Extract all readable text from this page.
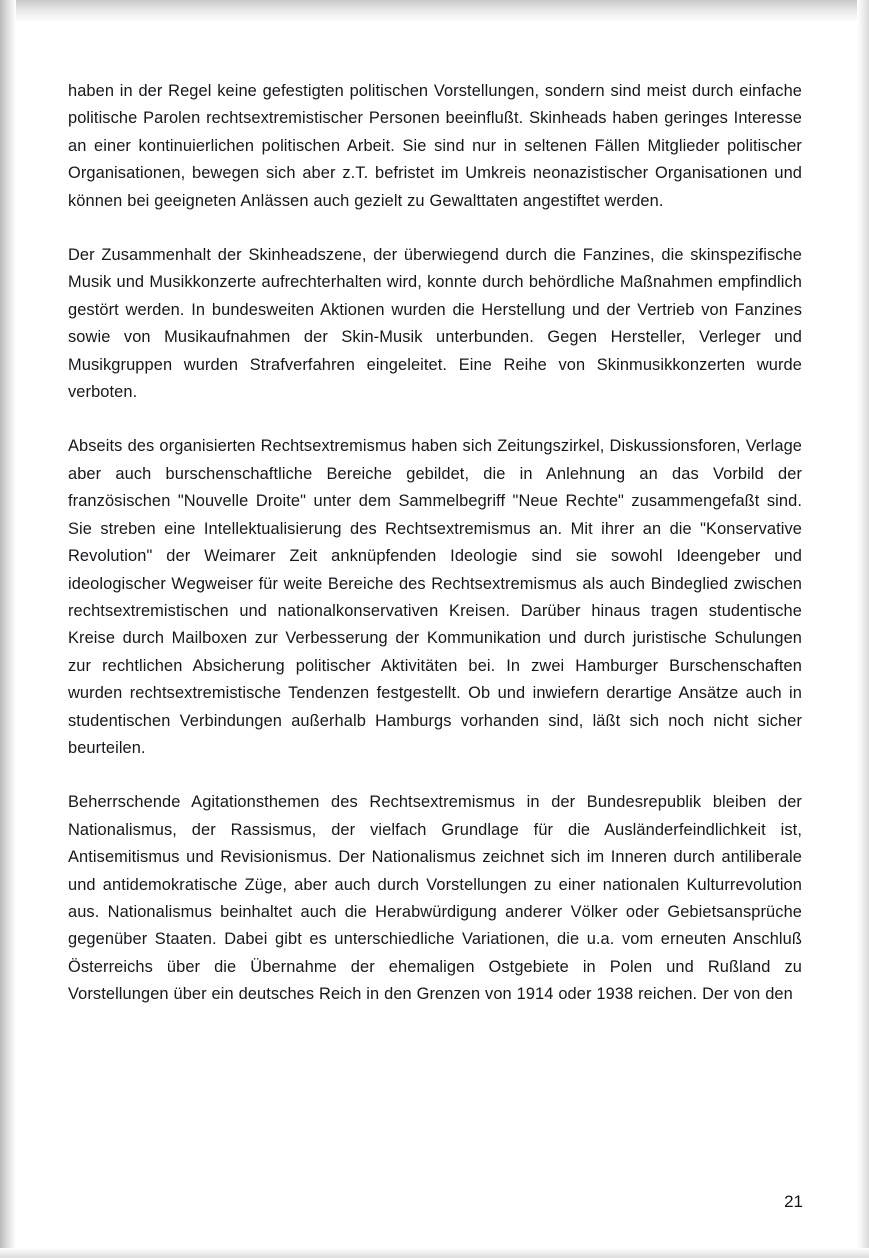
haben in der Regel keine gefestigten politischen Vorstellungen, sondern sind meist durch einfache politische Parolen rechtsextremistischer Personen beeinflußt. Skinheads haben geringes Interesse an einer kontinuierlichen politischen Arbeit. Sie sind nur in seltenen Fällen Mitglieder politischer Organisationen, bewegen sich aber z.T. befristet im Umkreis neonazistischer Organisationen und können bei geeigneten Anlässen auch gezielt zu Gewalttaten angestiftet werden.

Der Zusammenhalt der Skinheadszene, der überwiegend durch die Fanzines, die skinspezifische Musik und Musikkonzerte aufrechterhalten wird, konnte durch behördliche Maßnahmen empfindlich gestört werden. In bundesweiten Aktionen wurden die Herstellung und der Vertrieb von Fanzines sowie von Musikaufnahmen der Skin-Musik unterbunden. Gegen Hersteller, Verleger und Musikgruppen wurden Strafverfahren eingeleitet. Eine Reihe von Skinmusikkonzerten wurde verboten.

Abseits des organisierten Rechtsextremismus haben sich Zeitungszirkel, Diskussionsforen, Verlage aber auch burschenschaftliche Bereiche gebildet, die in Anlehnung an das Vorbild der französischen "Nouvelle Droite" unter dem Sammelbegriff "Neue Rechte" zusammengefaßt sind. Sie streben eine Intellektualisierung des Rechtsextremismus an. Mit ihrer an die "Konservative Revolution" der Weimarer Zeit anknüpfenden Ideologie sind sie sowohl Ideengeber und ideologischer Wegweiser für weite Bereiche des Rechtsextremismus als auch Bindeglied zwischen rechtsextremistischen und nationalkonservativen Kreisen. Darüber hinaus tragen studentische Kreise durch Mailboxen zur Verbesserung der Kommunikation und durch juristische Schulungen zur rechtlichen Absicherung politischer Aktivitäten bei. In zwei Hamburger Burschenschaften wurden rechtsextremistische Tendenzen festgestellt. Ob und inwiefern derartige Ansätze auch in studentischen Verbindungen außerhalb Hamburgs vorhanden sind, läßt sich noch nicht sicher beurteilen.

Beherrschende Agitationsthemen des Rechtsextremismus in der Bundesrepublik bleiben der Nationalismus, der Rassismus, der vielfach Grundlage für die Ausländerfeindlichkeit ist, Antisemitismus und Revisionismus. Der Nationalismus zeichnet sich im Inneren durch antiliberale und antidemokratische Züge, aber auch durch Vorstellungen zu einer nationalen Kulturrevolution aus. Nationalismus beinhaltet auch die Herabwürdigung anderer Völker oder Gebietsansprüche gegenüber Staaten. Dabei gibt es unterschiedliche Variationen, die u.a. vom erneuten Anschluß Österreichs über die Übernahme der ehemaligen Ostgebiete in Polen und Rußland zu Vorstellungen über ein deutsches Reich in den Grenzen von 1914 oder 1938 reichen. Der von den

21
